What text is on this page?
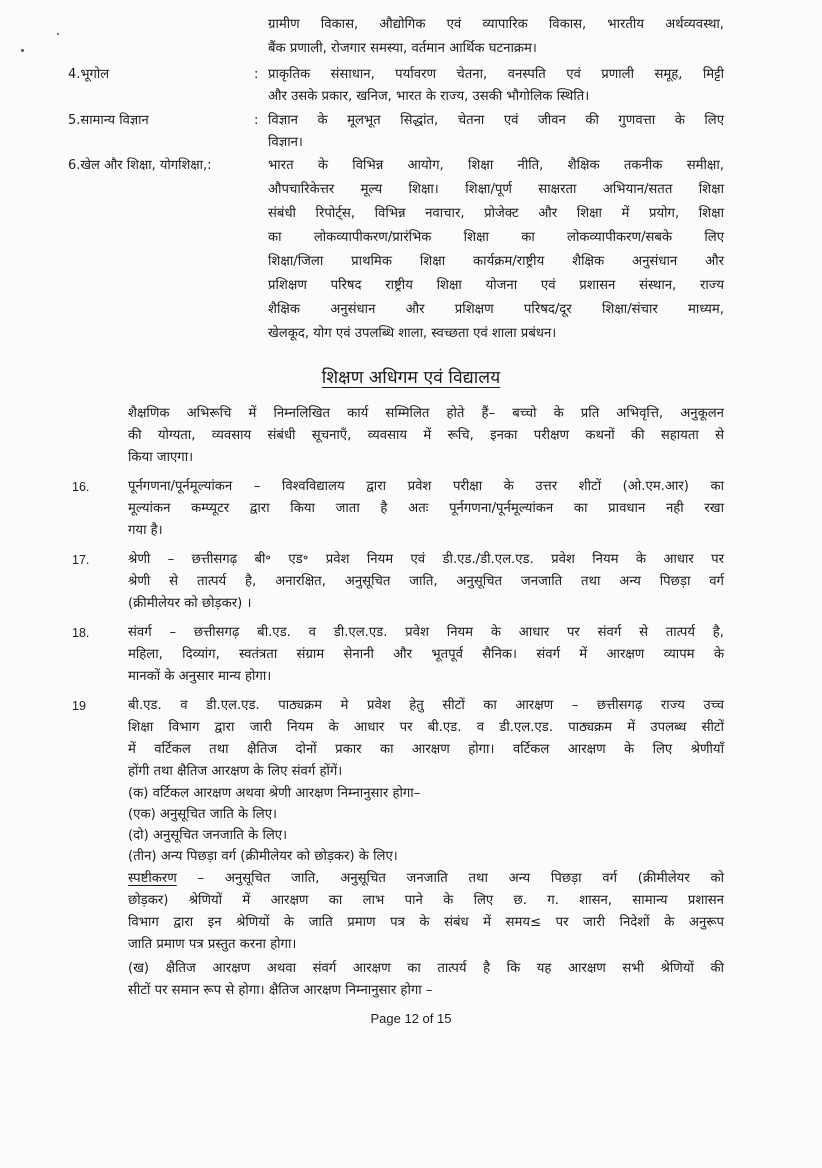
ग्रामीण विकास, औद्योगिक एवं व्यापारिक विकास, भारतीय अर्थव्यवस्था,
बैंक प्रणाली, रोजगार समस्या, वर्तमान आर्थिक घटनाक्रम।
4.भूगोल	: प्राकृतिक संसाधान, पर्यावरण चेतना, वनस्पति एवं प्रणाली समूह, मिट्टी
और उसके प्रकार, खनिज, भारत के राज्य, उसकी भौगोलिक स्थिति।
5.सामान्य विज्ञान	: विज्ञान के मूलभूत सिद्धांत, चेतना एवं जीवन की गुणवत्ता के लिए
विज्ञान।
6.खेल और शिक्षा, योगशिक्षा,:	भारत के विभिन्न आयोग, शिक्षा नीति, शैक्षिक तकनीक समीक्षा,
औपचारिकेत्तर मूल्य शिक्षा। शिक्षा/पूर्ण साक्षरता अभियान/सतत शिक्षा
संबंधी रिपोर्ट्स, विभिन्न नवाचार, प्रोजेक्ट और शिक्षा में प्रयोग, शिक्षा
का लोकव्यापीकरण/प्रारंभिक शिक्षा का लोकव्यापीकरण/सबके लिए
शिक्षा/जिला प्राथमिक शिक्षा कार्यक्रम/राष्ट्रीय शैक्षिक अनुसंधान और
प्रशिक्षण परिषद राष्ट्रीय शिक्षा योजना एवं प्रशासन संस्थान, राज्य
शैक्षिक अनुसंधान और प्रशिक्षण परिषद/दूर शिक्षा/संचार माध्यम,
खेलकूद, योग एवं उपलब्धि शाला, स्वच्छता एवं शाला प्रबंधन।
शिक्षण अधिगम एवं विद्यालय
शैक्षणिक अभिरूचि में निम्नलिखित कार्य सम्मिलित होते हैं– बच्चो के प्रति अभिवृत्ति, अनुकूलन
की योग्यता, व्यवसाय संबंधी सूचनाएँ, व्यवसाय में रूचि, इनका परीक्षण कथनों की सहायता से
किया जाएगा।
16.	पूर्नगणना/पूर्नमूल्यांकन – विश्वविद्यालय द्वारा प्रवेश परीक्षा के उत्तर शीटों (ओ.एम.आर) का
मूल्यांकन कम्प्यूटर द्वारा किया जाता है अतः पूर्नगणना/पूर्नमूल्यांकन का प्रावधान नही रखा
गया है।
17.	श्रेणी – छत्तीसगढ़ बी॰ एड॰ प्रवेश नियम एवं डी.एड./डी.एल.एड. प्रवेश नियम के आधार पर
श्रेणी से तात्पर्य है, अनारक्षित, अनुसूचित जाति, अनुसूचित जनजाति तथा अन्य पिछड़ा वर्ग
(क्रीमीलेयर को छोड़कर) ।
18.	संवर्ग – छत्तीसगढ़ बी.एड. व डी.एल.एड. प्रवेश नियम के आधार पर संवर्ग से तात्पर्य है,
महिला, दिव्यांग, स्वतंत्रता संग्राम सेनानी और भूतपूर्व सैनिक। संवर्ग में आरक्षण व्यापम के
मानकों के अनुसार मान्य होगा।
19	बी.एड. व डी.एल.एड. पाठ्यक्रम मे प्रवेश हेतु सीटों का आरक्षण – छत्तीसगढ़ राज्य उच्च
शिक्षा विभाग द्वारा जारी नियम के आधार पर बी.एड. व डी.एल.एड. पाठ्यक्रम में उपलब्ध सीटों
में वर्टिकल तथा क्षैतिज दोनों प्रकार का आरक्षण होगा। वर्टिकल आरक्षण के लिए श्रेणीयाँ
होंगी तथा क्षैतिज आरक्षण के लिए संवर्ग होंगें।
(क) वर्टिकल आरक्षण अथवा श्रेणी आरक्षण निम्नानुसार होगा–
(एक) अनुसूचित जाति के लिए।
(दो) अनुसूचित जनजाति के लिए।
(तीन) अन्य पिछड़ा वर्ग (क्रीमीलेयर को छोड़कर) के लिए।
स्पष्टीकरण – अनुसूचित जाति, अनुसूचित जनजाति तथा अन्य पिछड़ा वर्ग (क्रीमीलेयर को
छोड़कर) श्रेणियों में आरक्षण का लाभ पाने के लिए छ. ग. शासन, सामान्य प्रशासन
विभाग द्वारा इन श्रेणियों के जाति प्रमाण पत्र के संबंध में समय≤ पर जारी निदेशों के अनुरूप
जाति प्रमाण पत्र प्रस्तुत करना होगा।
(ख) क्षैतिज आरक्षण अथवा संवर्ग आरक्षण का तात्पर्य है कि यह आरक्षण सभी श्रेणियों की
सीटों पर समान रूप से होगा। क्षैतिज आरक्षण निम्नानुसार होगा –
Page 12 of 15
